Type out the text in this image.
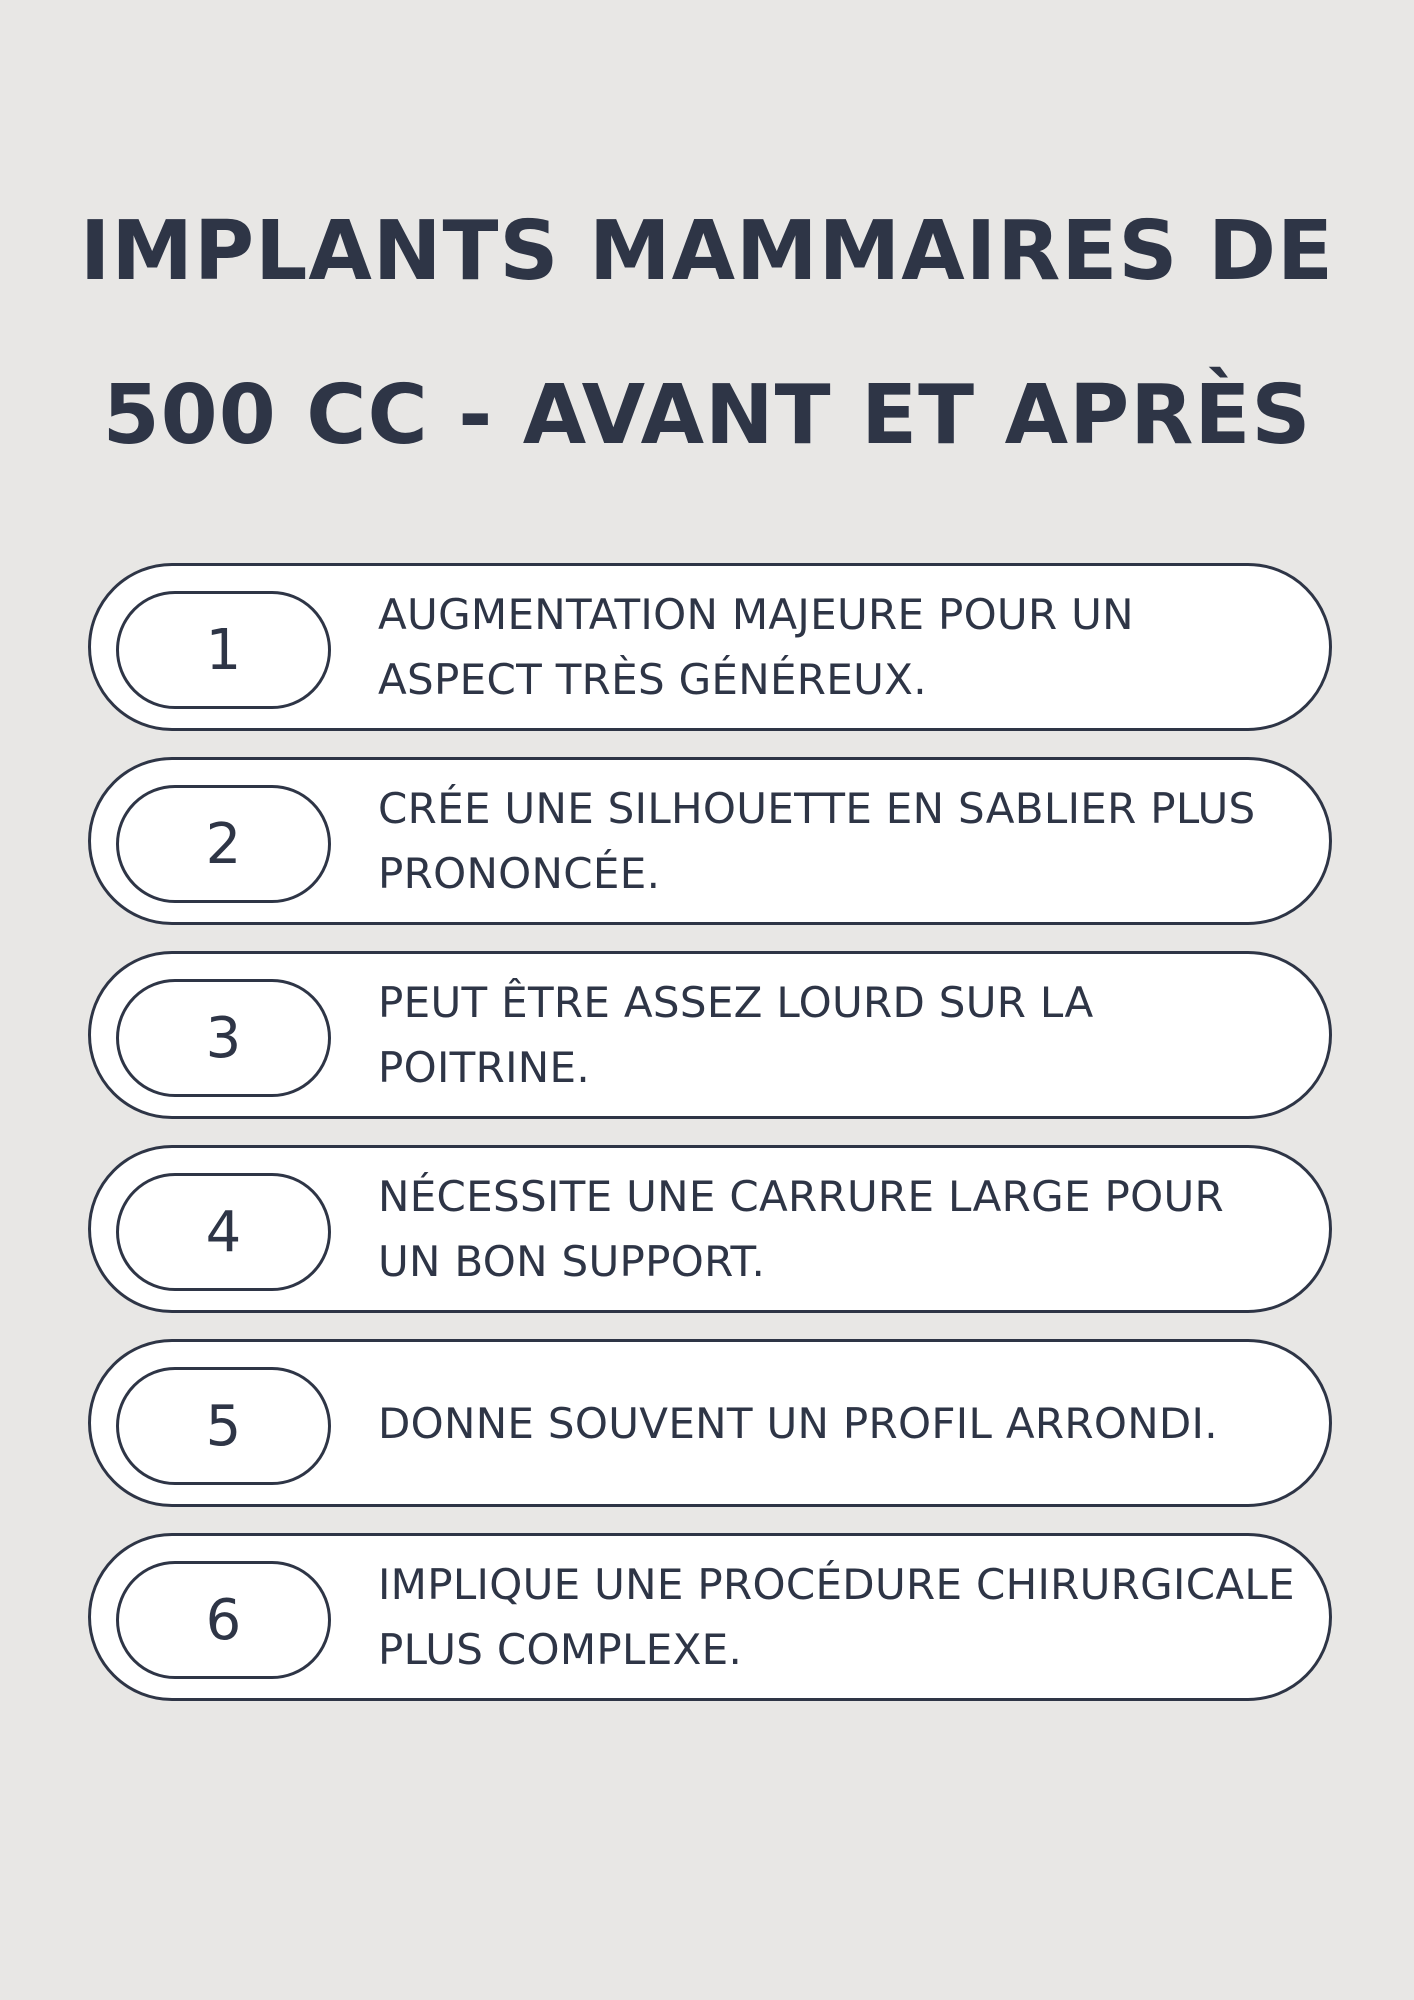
IMPLANTS MAMMAIRES DE
500 CC - AVANT ET APRÈS
1
AUGMENTATION MAJEURE POUR UN ASPECT TRÈS GÉNÉREUX.
2
CRÉE UNE SILHOUETTE EN SABLIER PLUS PRONONCÉE.
3
PEUT ÊTRE ASSEZ LOURD SUR LA POITRINE.
4
NÉCESSITE UNE CARRURE LARGE POUR UN BON SUPPORT.
5	DONNE SOUVENT UN PROFIL ARRONDI.
6
IMPLIQUE UNE PROCÉDURE CHIRURGICALE PLUS COMPLEXE.
